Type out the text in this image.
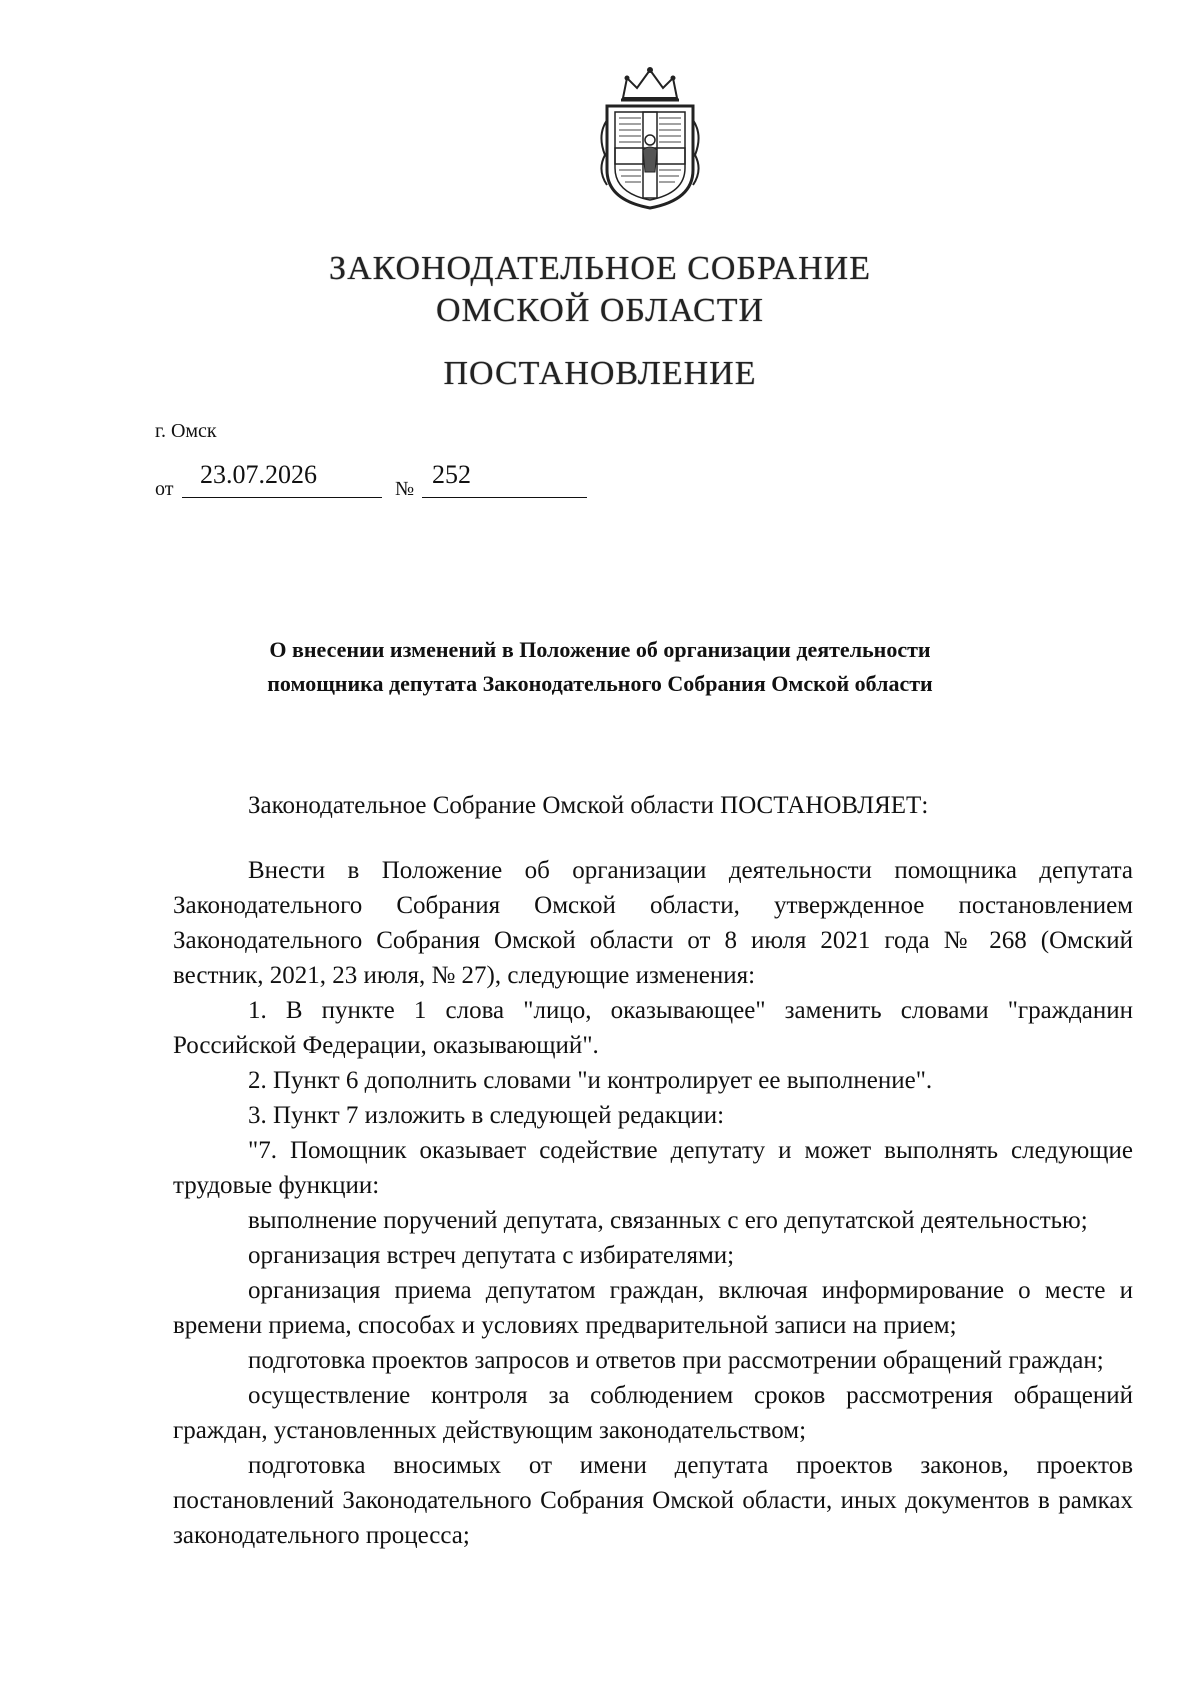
ЗАКОНОДАТЕЛЬНОЕ СОБРАНИЕ
ОМСКОЙ ОБЛАСТИ
ПОСТАНОВЛЕНИЕ
г. Омск
от 23.07.2026	№ 252
О внесении изменений в Положение об организации деятельности
помощника депутата Законодательного Собрания Омской области
Законодательное Собрание Омской области ПОСТАНОВЛЯЕТ:

Внести в Положение об организации деятельности помощника депутата Законодательного Собрания Омской области, утвержденное постановлением Законодательного Собрания Омской области от 8 июля 2021 года № 268 (Омский вестник, 2021, 23 июля, № 27), следующие изменения:

1. В пункте 1 слова "лицо, оказывающее" заменить словами "гражданин Российской Федерации, оказывающий".

2. Пункт 6 дополнить словами "и контролирует ее выполнение".

3. Пункт 7 изложить в следующей редакции:

"7. Помощник оказывает содействие депутату и может выполнять следующие трудовые функции:

выполнение поручений депутата, связанных с его депутатской деятельностью;

организация встреч депутата с избирателями;

организация приема депутатом граждан, включая информирование о месте и времени приема, способах и условиях предварительной записи на прием;

подготовка проектов запросов и ответов при рассмотрении обращений граждан;

осуществление контроля за соблюдением сроков рассмотрения обращений граждан, установленных действующим законодательством;

подготовка вносимых от имени депутата проектов законов, проектов постановлений Законодательного Собрания Омской области, иных документов в рамках законодательного процесса;
